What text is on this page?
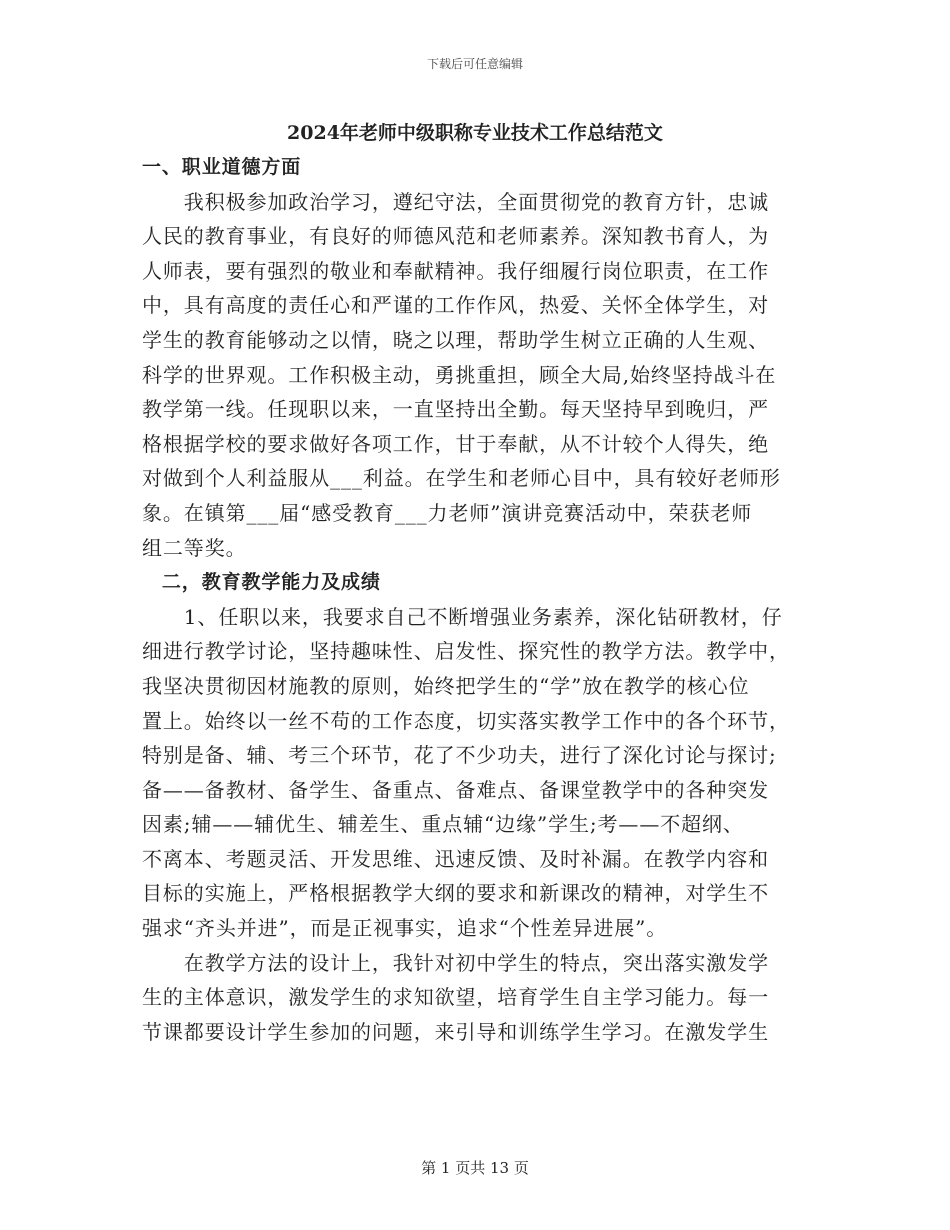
下载后可任意编辑
2024年老师中级职称专业技术工作总结范文
一、职业道德方面
　　我积极参加政治学习，遵纪守法，全面贯彻党的教育方针，忠诚
人民的教育事业，有良好的师德风范和老师素养。深知教书育人，为
人师表，要有强烈的敬业和奉献精神。我仔细履行岗位职责，在工作
中，具有高度的责任心和严谨的工作作风，热爱、关怀全体学生，对
学生的教育能够动之以情，晓之以理，帮助学生树立正确的人生观、
科学的世界观。工作积极主动，勇挑重担，顾全大局,始终坚持战斗在
教学第一线。任现职以来，一直坚持出全勤。每天坚持早到晚归，严
格根据学校的要求做好各项工作，甘于奉献，从不计较个人得失，绝
对做到个人利益服从___利益。在学生和老师心目中，具有较好老师形
象。在镇第___届“感受教育___力老师”演讲竞赛活动中，荣获老师
组二等奖。
　二，教育教学能力及成绩
　　1、任职以来，我要求自己不断增强业务素养，深化钻研教材，仔
细进行教学讨论，坚持趣味性、启发性、探究性的教学方法。教学中，
我坚决贯彻因材施教的原则，始终把学生的“学”放在教学的核心位
置上。始终以一丝不苟的工作态度，切实落实教学工作中的各个环节，
特别是备、辅、考三个环节，花了不少功夫，进行了深化讨论与探讨;
备——备教材、备学生、备重点、备难点、备课堂教学中的各种突发
因素;辅——辅优生、辅差生、重点辅“边缘”学生;考——不超纲、
不离本、考题灵活、开发思维、迅速反馈、及时补漏。在教学内容和
目标的实施上，严格根据教学大纲的要求和新课改的精神，对学生不
强求“齐头并进”，而是正视事实，追求“个性差异进展”。
　　在教学方法的设计上，我针对初中学生的特点，突出落实激发学
生的主体意识，激发学生的求知欲望，培育学生自主学习能力。每一
节课都要设计学生参加的问题，来引导和训练学生学习。在激发学生
第 1 页共 13 页
